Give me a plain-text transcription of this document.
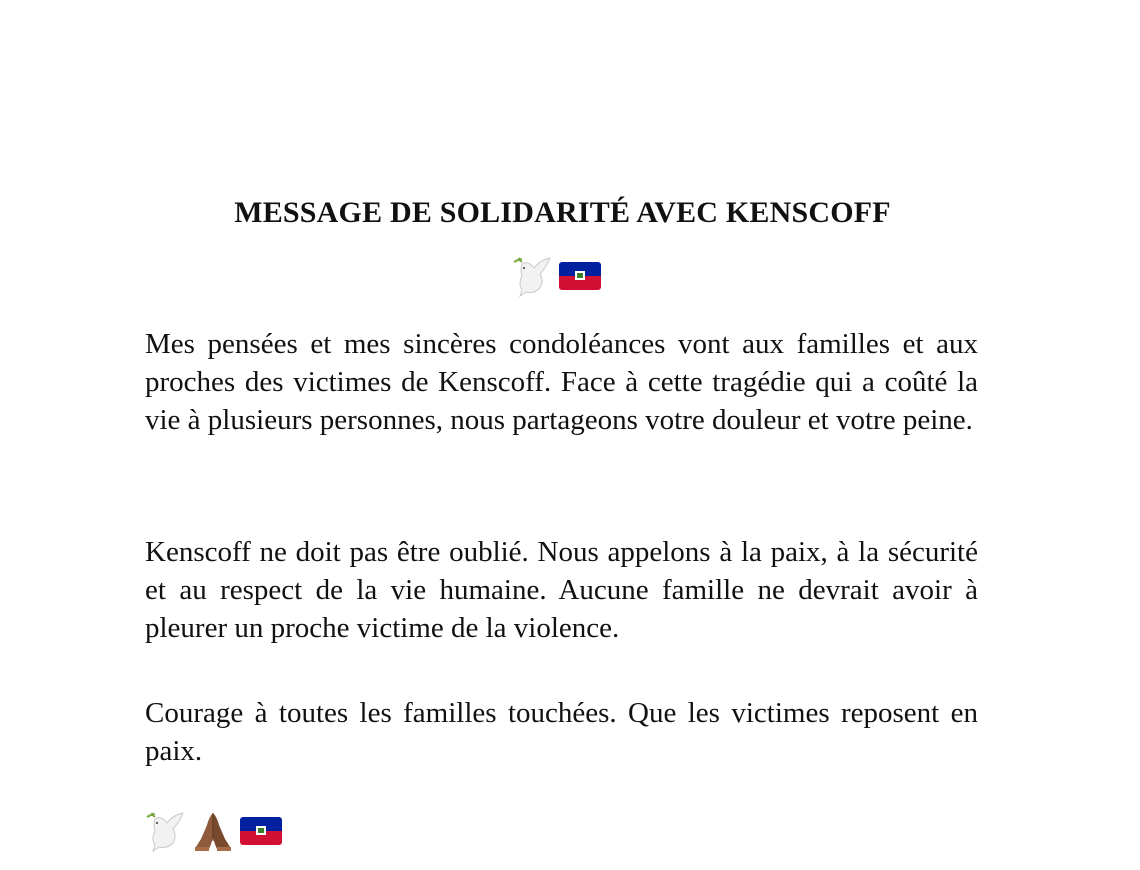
MESSAGE DE SOLIDARITÉ AVEC KENSCOFF

Mes pensées et mes sincères condoléances vont aux familles et aux proches des victimes de Kenscoff. Face à cette tragédie qui a coûté la vie à plusieurs personnes, nous partageons votre douleur et votre peine.

Kenscoff ne doit pas être oublié. Nous appelons à la paix, à la sécurité et au respect de la vie humaine. Aucune famille ne devrait avoir à pleurer un proche victime de la violence.

Courage à toutes les familles touchées. Que les victimes reposent en paix.
